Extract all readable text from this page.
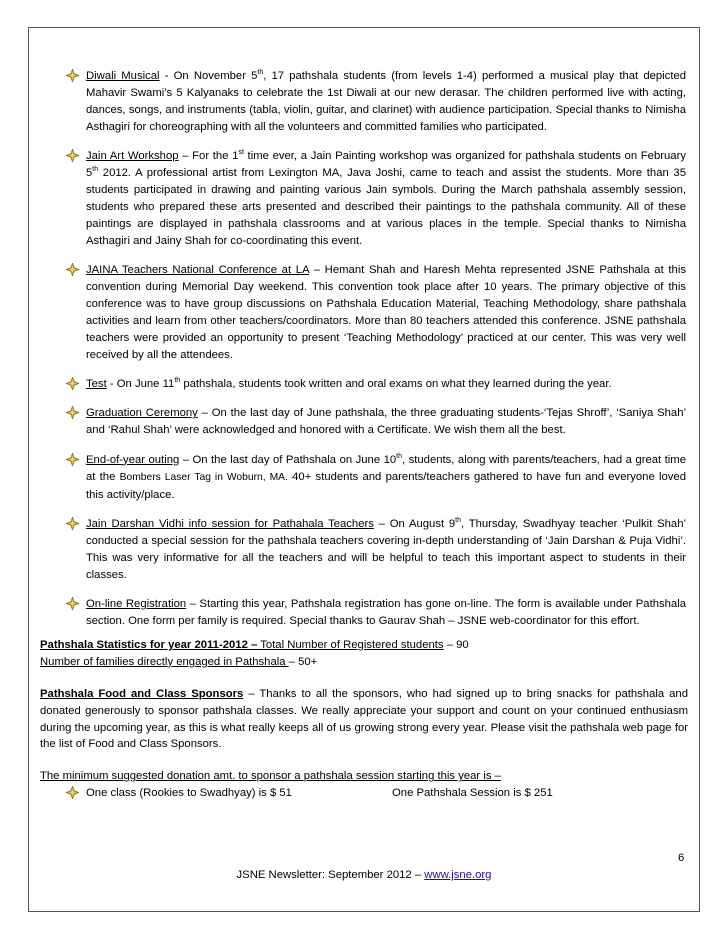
Diwali Musical - On November 5th, 17 pathshala students (from levels 1-4) performed a musical play that depicted Mahavir Swami’s 5 Kalyanaks to celebrate the 1st Diwali at our new derasar. The children performed live with acting, dances, songs, and instruments (tabla, violin, guitar, and clarinet) with audience participation. Special thanks to Nimisha Asthagiri for choreographing with all the volunteers and committed families who participated.
Jain Art Workshop – For the 1st time ever, a Jain Painting workshop was organized for pathshala students on February 5th 2012. A professional artist from Lexington MA, Java Joshi, came to teach and assist the students. More than 35 students participated in drawing and painting various Jain symbols. During the March pathshala assembly session, students who prepared these arts presented and described their paintings to the pathshala community. All of these paintings are displayed in pathshala classrooms and at various places in the temple. Special thanks to Nimisha Asthagiri and Jainy Shah for co-coordinating this event.
JAINA Teachers National Conference at LA – Hemant Shah and Haresh Mehta represented JSNE Pathshala at this convention during Memorial Day weekend. This convention took place after 10 years. The primary objective of this conference was to have group discussions on Pathshala Education Material, Teaching Methodology, share pathshala activities and learn from other teachers/coordinators. More than 80 teachers attended this conference. JSNE pathshala teachers were provided an opportunity to present ‘Teaching Methodology’ practiced at our center. This was very well received by all the attendees.
Test - On June 11th pathshala, students took written and oral exams on what they learned during the year.
Graduation Ceremony – On the last day of June pathshala, the three graduating students-‘Tejas Shroff’, ‘Saniya Shah’ and ‘Rahul Shah’ were acknowledged and honored with a Certificate. We wish them all the best.
End-of-year outing – On the last day of Pathshala on June 10th, students, along with parents/teachers, had a great time at the Bombers Laser Tag in Woburn, MA. 40+ students and parents/teachers gathered to have fun and everyone loved this activity/place.
Jain Darshan Vidhi info session for Pathahala Teachers – On August 9th, Thursday, Swadhyay teacher ‘Pulkit Shah’ conducted a special session for the pathshala teachers covering in-depth understanding of ‘Jain Darshan & Puja Vidhi’. This was very informative for all the teachers and will be helpful to teach this important aspect to students in their classes.
On-line Registration – Starting this year, Pathshala registration has gone on-line. The form is available under Pathshala section. One form per family is required. Special thanks to Gaurav Shah – JSNE web-coordinator for this effort.
Pathshala Statistics for year 2011-2012 – Total Number of Registered students – 90
Number of families directly engaged in Pathshala – 50+
Pathshala Food and Class Sponsors – Thanks to all the sponsors, who had signed up to bring snacks for pathshala and donated generously to sponsor pathshala classes. We really appreciate your support and count on your continued enthusiasm during the upcoming year, as this is what really keeps all of us growing strong every year. Please visit the pathshala web page for the list of Food and Class Sponsors.
The minimum suggested donation amt. to sponsor a pathshala session starting this year is –
One class (Rookies to Swadhyay) is $ 51	One Pathshala Session is $ 251
6
JSNE Newsletter: September 2012 – www.jsne.org
